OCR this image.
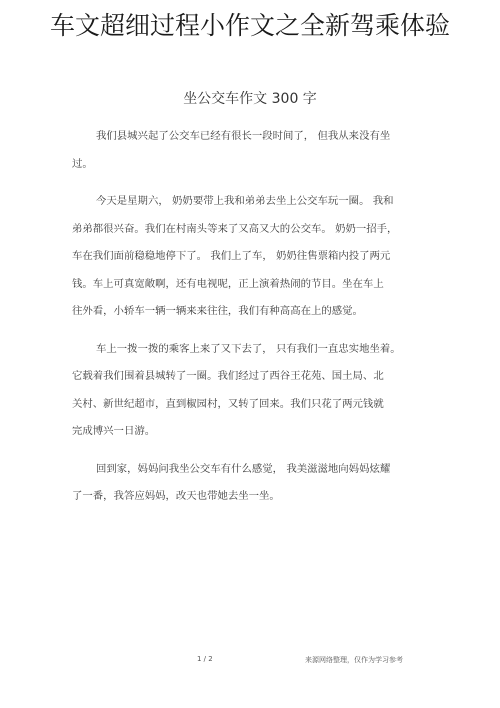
车文超细过程小作文之全新驾乘体验
坐公交车作文 300 字
我们县城兴起了公交车已经有很长一段时间了， 但我从来没有坐
过。
今天是星期六， 奶奶要带上我和弟弟去坐上公交车玩一圈。 我和
弟弟都很兴奋。我们在村南头等来了又高又大的公交车。 奶奶一招手，
车在我们面前稳稳地停下了。 我们上了车， 奶奶往售票箱内投了两元
钱。车上可真宽敞啊，还有电视呢，正上演着热闹的节目。坐在车上
往外看，小轿车一辆一辆来来往往，我们有种高高在上的感觉。
车上一拨一拨的乘客上来了又下去了， 只有我们一直忠实地坐着。
它载着我们围着县城转了一圈。我们经过了西谷王花苑、国土局、北
关村、新世纪超市，直到椒园村，又转了回来。我们只花了两元钱就
完成博兴一日游。
回到家，妈妈问我坐公交车有什么感觉， 我美滋滋地向妈妈炫耀
了一番，我答应妈妈，改天也带她去坐一坐。
1 / 2	来源网络整理，仅作为学习参考
